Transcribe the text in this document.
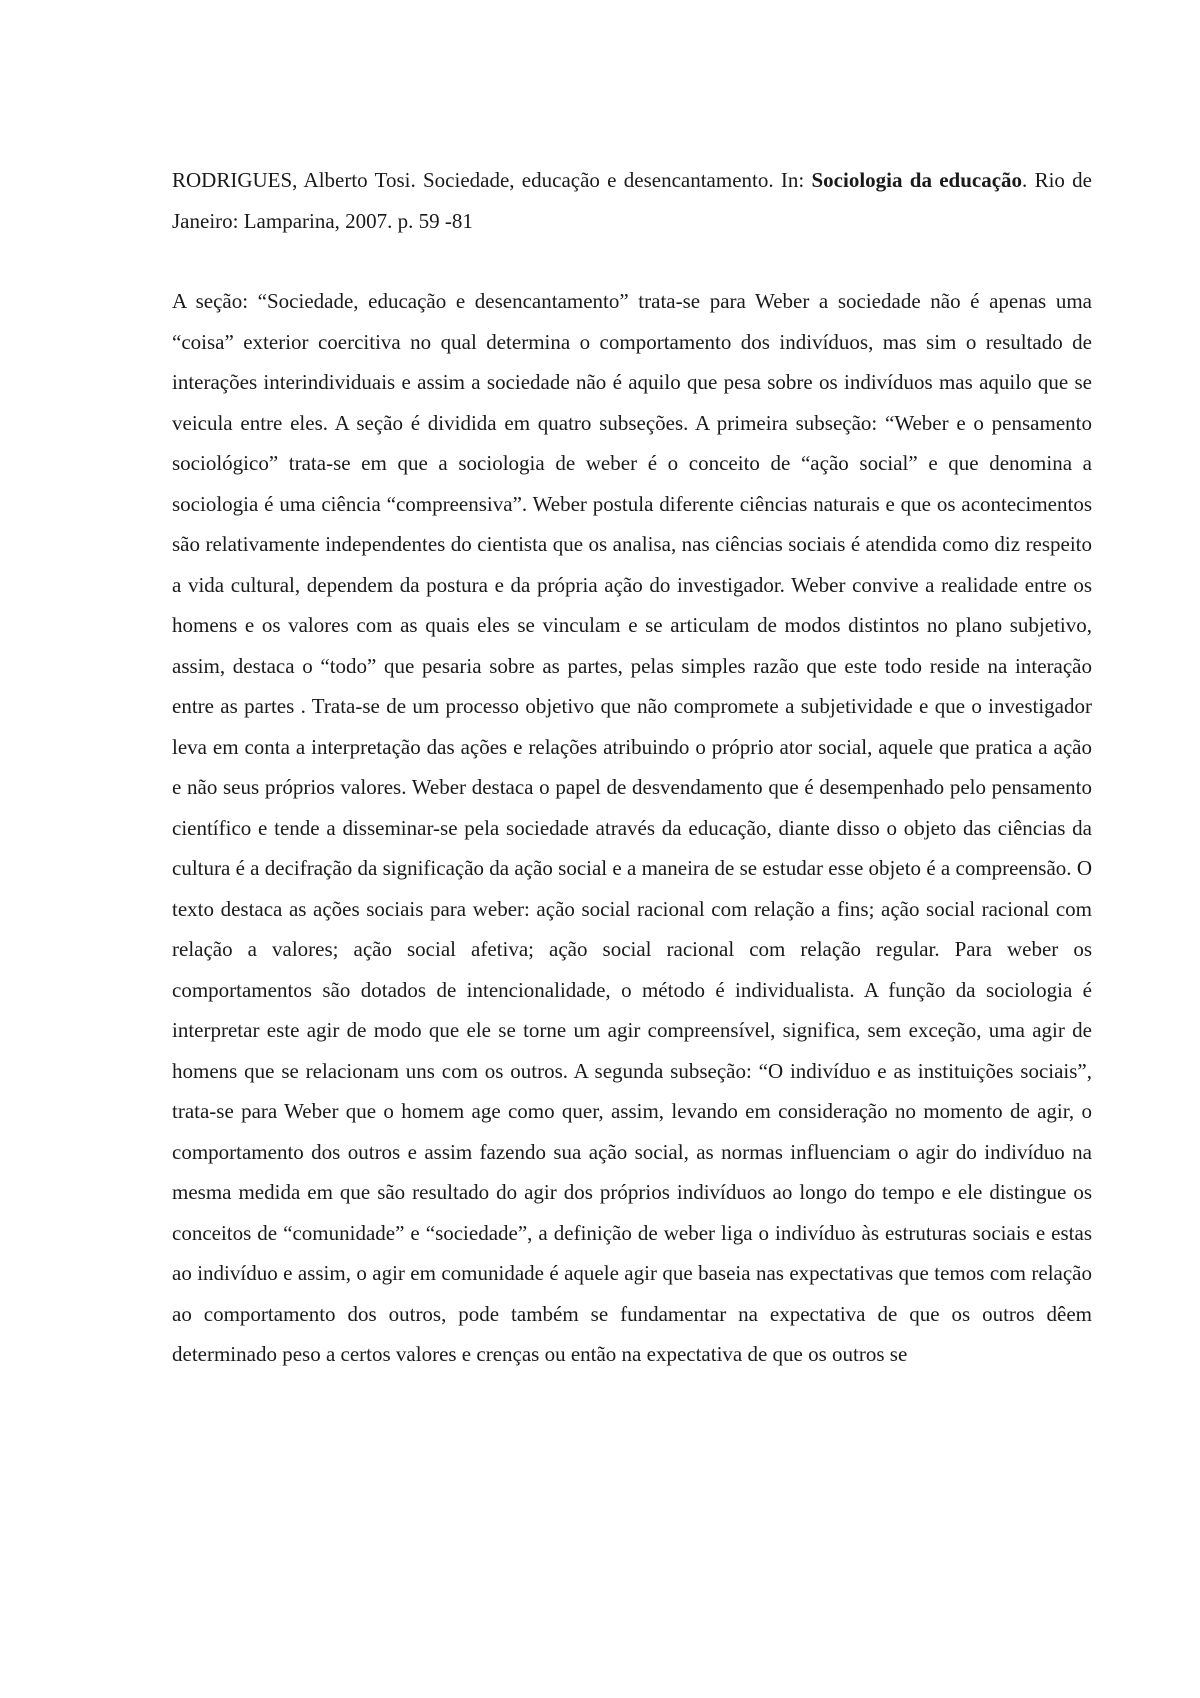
RODRIGUES, Alberto Tosi. Sociedade, educação e desencantamento. In: Sociologia da educação. Rio de Janeiro: Lamparina, 2007. p. 59 -81

A seção: “Sociedade, educação e desencantamento” trata-se para Weber a sociedade não é apenas uma “coisa” exterior coercitiva no qual determina o comportamento dos indivíduos, mas sim o resultado de interações interindividuais e assim a sociedade não é aquilo que pesa sobre os indivíduos mas aquilo que se veicula entre eles. A seção é dividida em quatro subseções. A primeira subseção: “Weber e o pensamento sociológico” trata-se em que a sociologia de weber é o conceito de “ação social” e que denomina a sociologia é uma ciência “compreensiva”. Weber postula diferente ciências naturais e que os acontecimentos são relativamente independentes do cientista que os analisa, nas ciências sociais é atendida como diz respeito a vida cultural, dependem da postura e da própria ação do investigador. Weber convive a realidade entre os homens e os valores com as quais eles se vinculam e se articulam de modos distintos no plano subjetivo, assim, destaca o “todo” que pesaria sobre as partes, pelas simples razão que este todo reside na interação entre as partes . Trata-se de um processo objetivo que não compromete a subjetividade e que o investigador leva em conta a interpretação das ações e relações atribuindo o próprio ator social, aquele que pratica a ação e não seus próprios valores. Weber destaca o papel de desvendamento que é desempenhado pelo pensamento científico e tende a disseminar-se pela sociedade através da educação, diante disso o objeto das ciências da cultura é a decifração da significação da ação social e a maneira de se estudar esse objeto é a compreensão. O texto destaca as ações sociais para weber: ação social racional com relação a fins; ação social racional com relação a valores; ação social afetiva; ação social racional com relação regular. Para weber os comportamentos são dotados de intencionalidade, o método é individualista. A função da sociologia é interpretar este agir de modo que ele se torne um agir compreensível, significa, sem exceção, uma agir de homens que se relacionam uns com os outros. A segunda subseção: “O indivíduo e as instituições sociais”, trata-se para Weber que o homem age como quer, assim, levando em consideração no momento de agir, o comportamento dos outros e assim fazendo sua ação social, as normas influenciam o agir do indivíduo na mesma medida em que são resultado do agir dos próprios indivíduos ao longo do tempo e ele distingue os conceitos de “comunidade” e “sociedade”, a definição de weber liga o indivíduo às estruturas sociais e estas ao indivíduo e assim, o agir em comunidade é aquele agir que baseia nas expectativas que temos com relação ao comportamento dos outros, pode também se fundamentar na expectativa de que os outros dêem determinado peso a certos valores e crenças ou então na expectativa de que os outros se
